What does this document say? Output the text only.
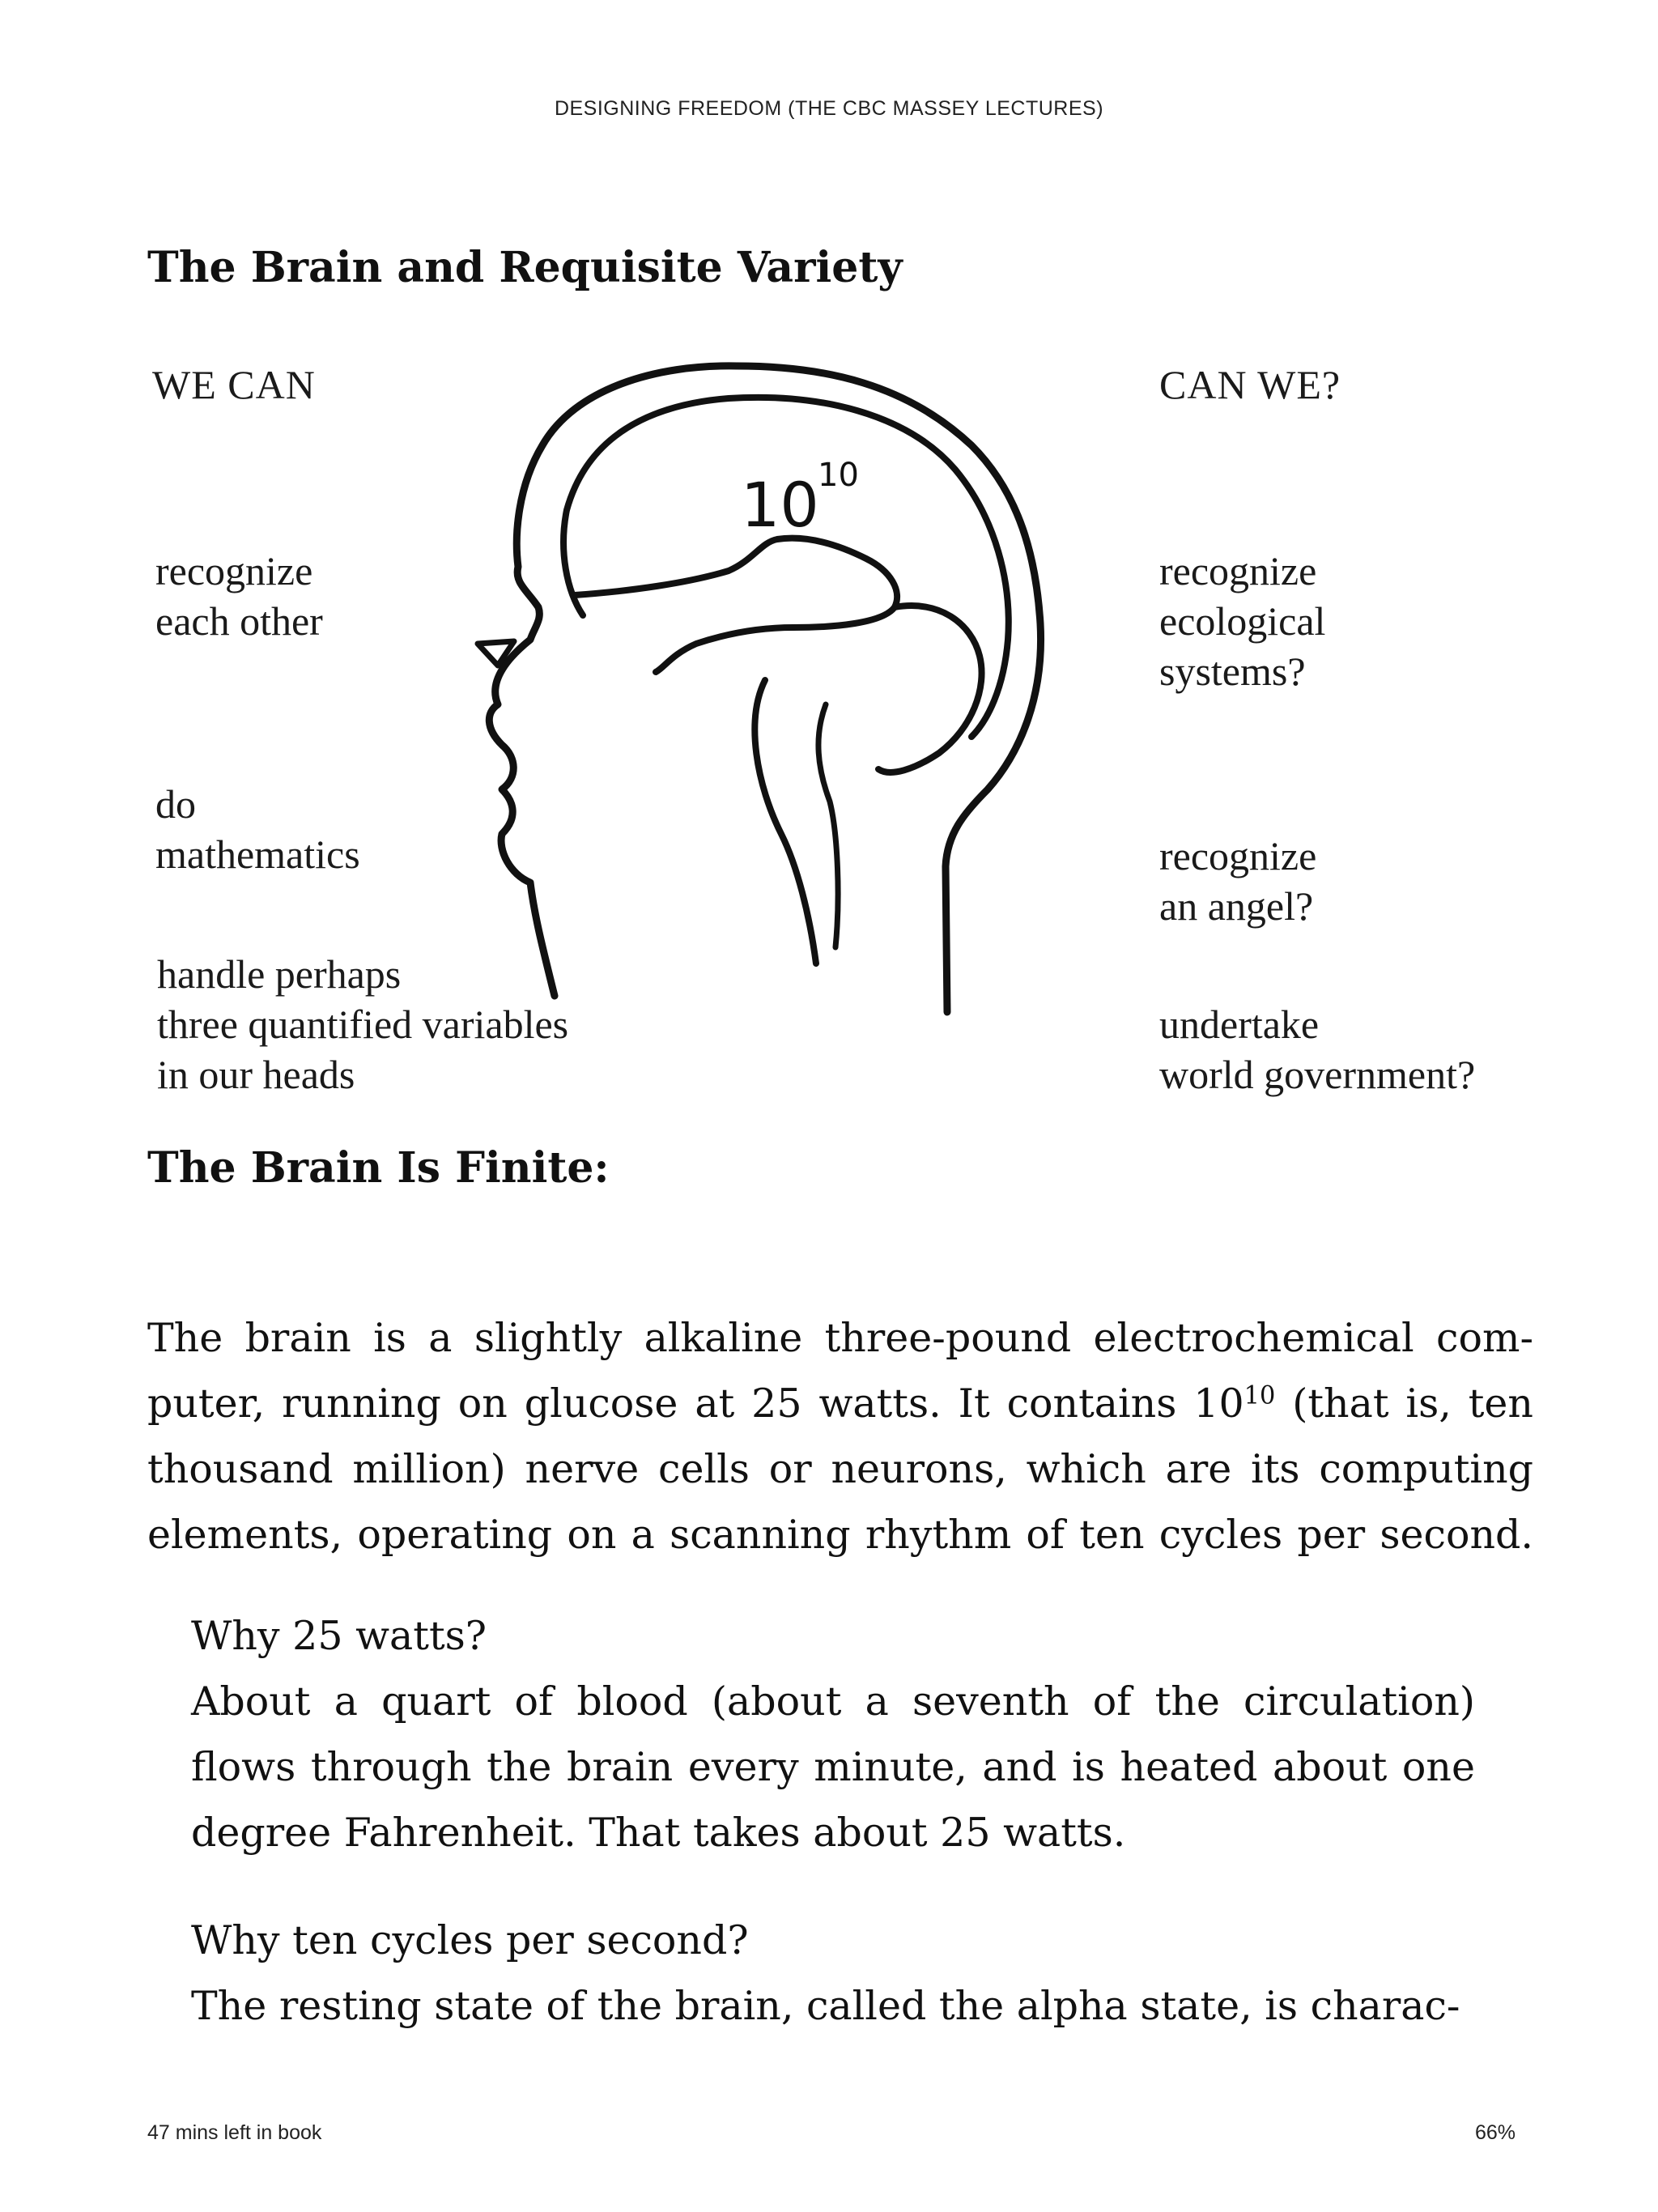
DESIGNING FREEDOM (THE CBC MASSEY LECTURES)
The Brain and Requisite Variety
WE CAN
recognize
each other
do
mathematics
handle perhaps
three quantified variables
in our heads
10
10
CAN WE?
recognize
ecological
systems?
recognize
an angel?
undertake
world government?
The Brain Is Finite:
The brain is a slightly alkaline three-pound electrochemical com-
puter, running on glucose at 25 watts. It contains $10^{10}$ (that is, ten
thousand million) nerve cells or neurons, which are its computing
elements, operating on a scanning rhythm of ten cycles per second.
Why 25 watts?
About a quart of blood (about a seventh of the circulation) flows through the brain every minute, and is heated about one degree Fahrenheit. That takes about 25 watts.
Why ten cycles per second?
The resting state of the brain, called the alpha state, is charac-
47 mins left in book	66%
